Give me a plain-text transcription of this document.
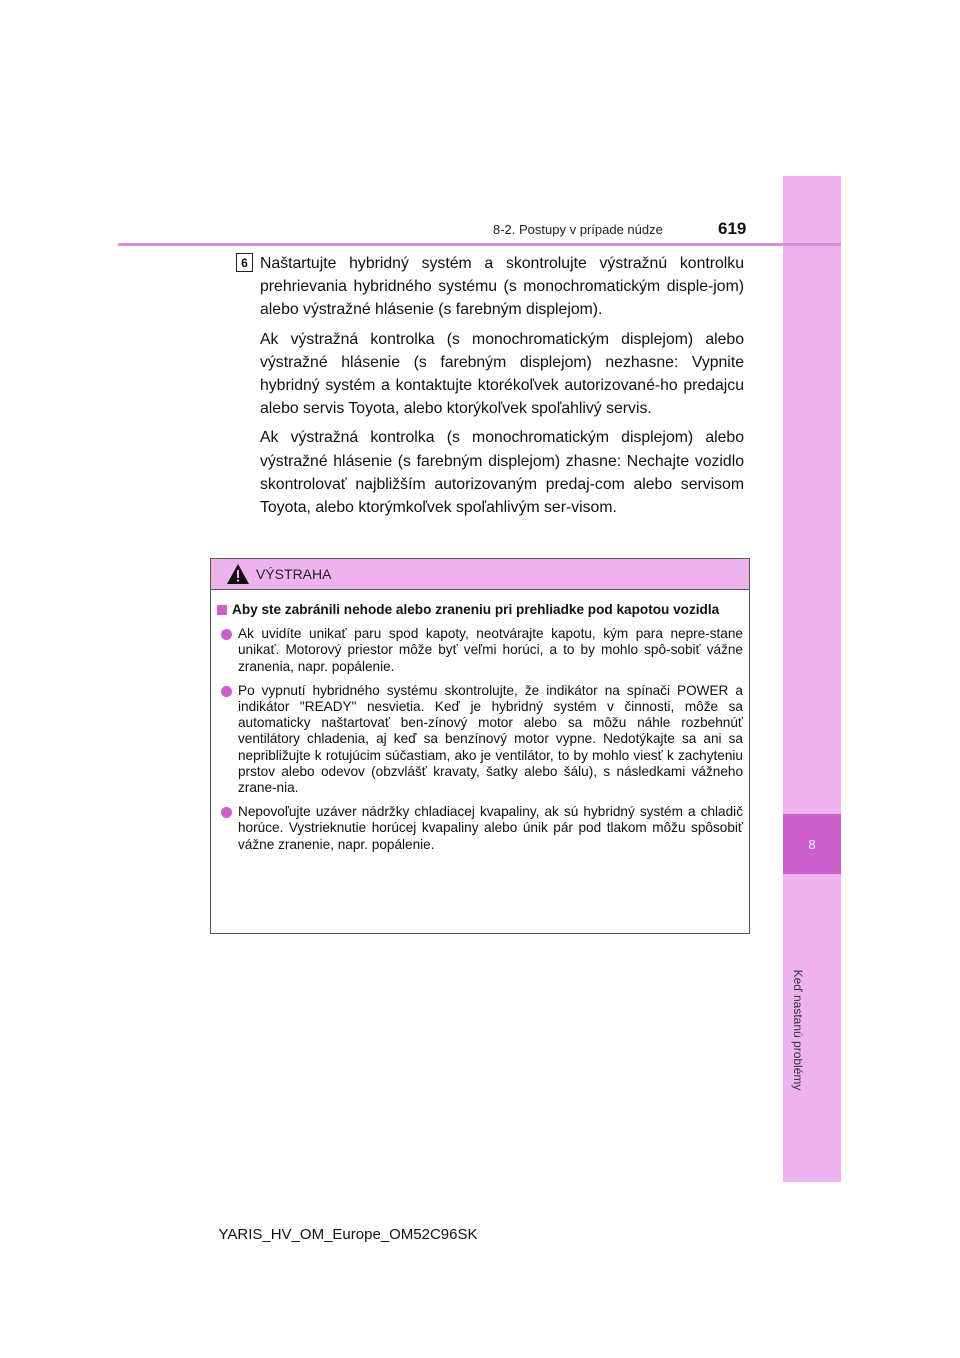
8
Keď nastanú problémy
8-2. Postupy v prípade núdze	619
6 Naštartujte hybridný systém a skontrolujte výstražnú kontrolku prehrievania hybridného systému (s monochromatickým disple-jom) alebo výstražné hlásenie (s farebným displejom).

Ak výstražná kontrolka (s monochromatickým displejom) alebo výstražné hlásenie (s farebným displejom) nezhasne: Vypnite hybridný systém a kontaktujte ktorékoľvek autorizované-ho predajcu alebo servis Toyota, alebo ktorýkoľvek spoľahlivý servis.

Ak výstražná kontrolka (s monochromatickým displejom) alebo výstražné hlásenie (s farebným displejom) zhasne: Nechajte vozidlo skontrolovať najbližším autorizovaným predaj-com alebo servisom Toyota, alebo ktorýmkoľvek spoľahlivým ser-visom.

VÝSTRAHA
Aby ste zabránili nehode alebo zraneniu pri prehliadke pod kapotou vozidla
Ak uvidíte unikať paru spod kapoty, neotvárajte kapotu, kým para nepre-stane unikať. Motorový priestor môže byť veľmi horúci, a to by mohlo spô-sobiť vážne zranenia, napr. popálenie.
Po vypnutí hybridného systému skontrolujte, že indikátor na spínači POWER a indikátor "READY" nesvietia. Keď je hybridný systém v činnosti, môže sa automaticky naštartovať ben-zínový motor alebo sa môžu náhle rozbehnúť ventilátory chladenia, aj keď sa benzínový motor vypne. Nedotýkajte sa ani sa nepribližujte k rotujúcim súčastiam, ako je ventilátor, to by mohlo viesť k zachyteniu prstov alebo odevov (obzvlášť kravaty, šatky alebo šálu), s následkami vážneho zrane-nia.
Nepovoľujte uzáver nádržky chladiacej kvapaliny, ak sú hybridný systém a chladič horúce. Vystrieknutie horúcej kvapaliny alebo únik pár pod tlakom môžu spôsobiť vážne zranenie, napr. popálenie.
YARIS_HV_OM_Europe_OM52C96SK
